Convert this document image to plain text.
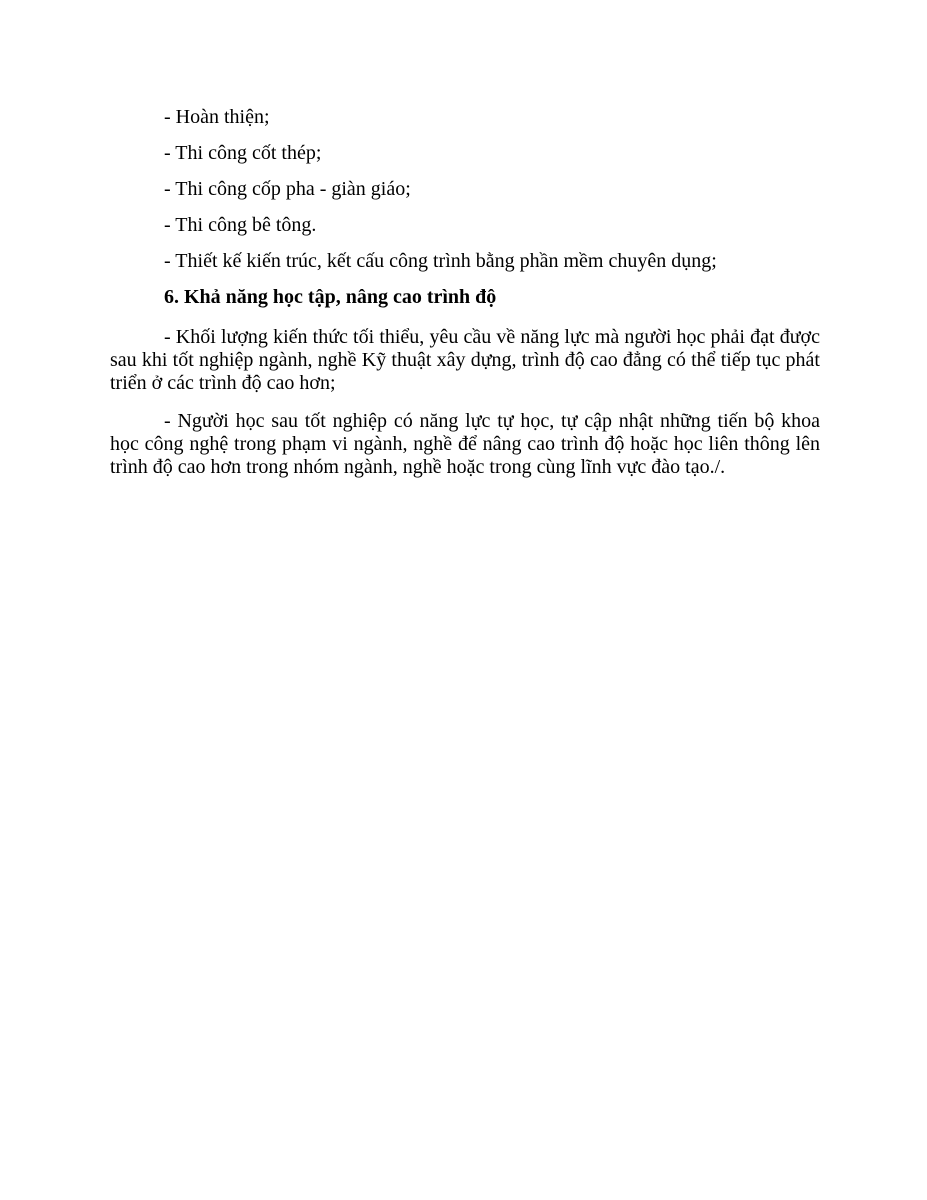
- Hoàn thiện;

- Thi công cốt thép;

- Thi công cốp pha - giàn giáo;

- Thi công bê tông.

- Thiết kế kiến trúc, kết cấu công trình bằng phần mềm chuyên dụng;

6. Khả năng học tập, nâng cao trình độ

- Khối lượng kiến thức tối thiểu, yêu cầu về năng lực mà người học phải đạt được sau khi tốt nghiệp ngành, nghề Kỹ thuật xây dựng, trình độ cao đẳng có thể tiếp tục phát triển ở các trình độ cao hơn;

- Người học sau tốt nghiệp có năng lực tự học, tự cập nhật những tiến bộ khoa học công nghệ trong phạm vi ngành, nghề để nâng cao trình độ hoặc học liên thông lên trình độ cao hơn trong nhóm ngành, nghề hoặc trong cùng lĩnh vực đào tạo./.
